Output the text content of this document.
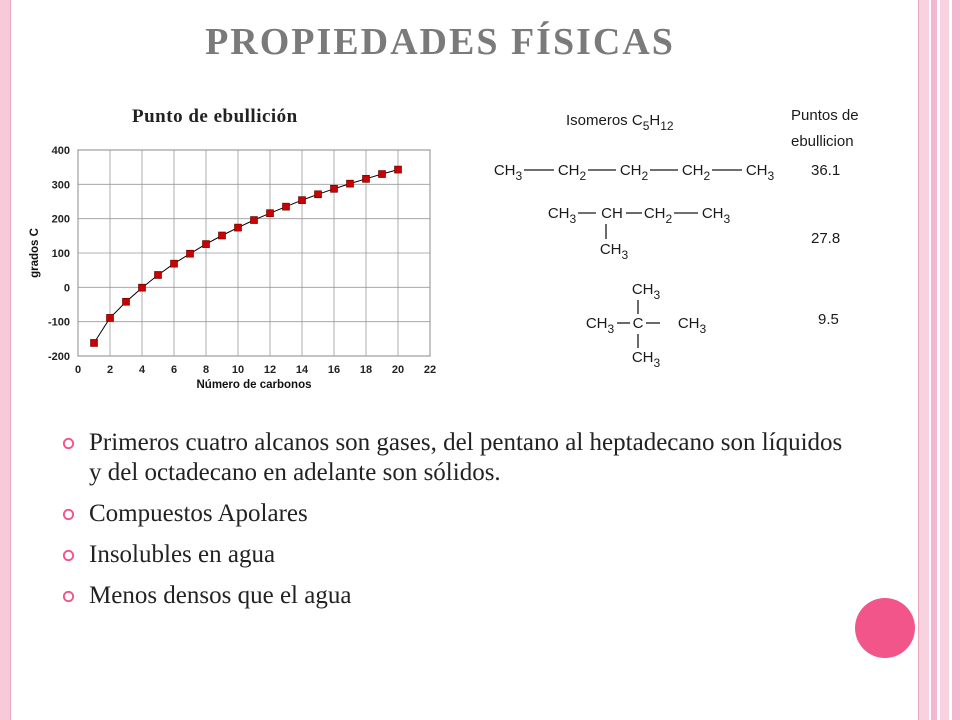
PROPIEDADES FÍSICAS
Punto de ebullición
-200
-100
0
100
200
300
400
0 2 4 6 8 10 12 14 16 18 20 22
Número de carbonos
grados C
Isomeros $C_5H_{12}$
Puntos de
ebullicion
$CH_3$ $CH_2$ $CH_2$ $CH_2$ $CH_3$ 36.1
$CH_3$ CH $CH_2$ $CH_3$
$CH_3$
27.8
$CH_3$
$CH_3$ C $CH_3$
$CH_3$
9.5
Primeros cuatro alcanos son gases, del pentano al heptadecano son líquidos y del octadecano en adelante son sólidos.
Compuestos Apolares
Insolubles en agua
Menos densos que el agua
